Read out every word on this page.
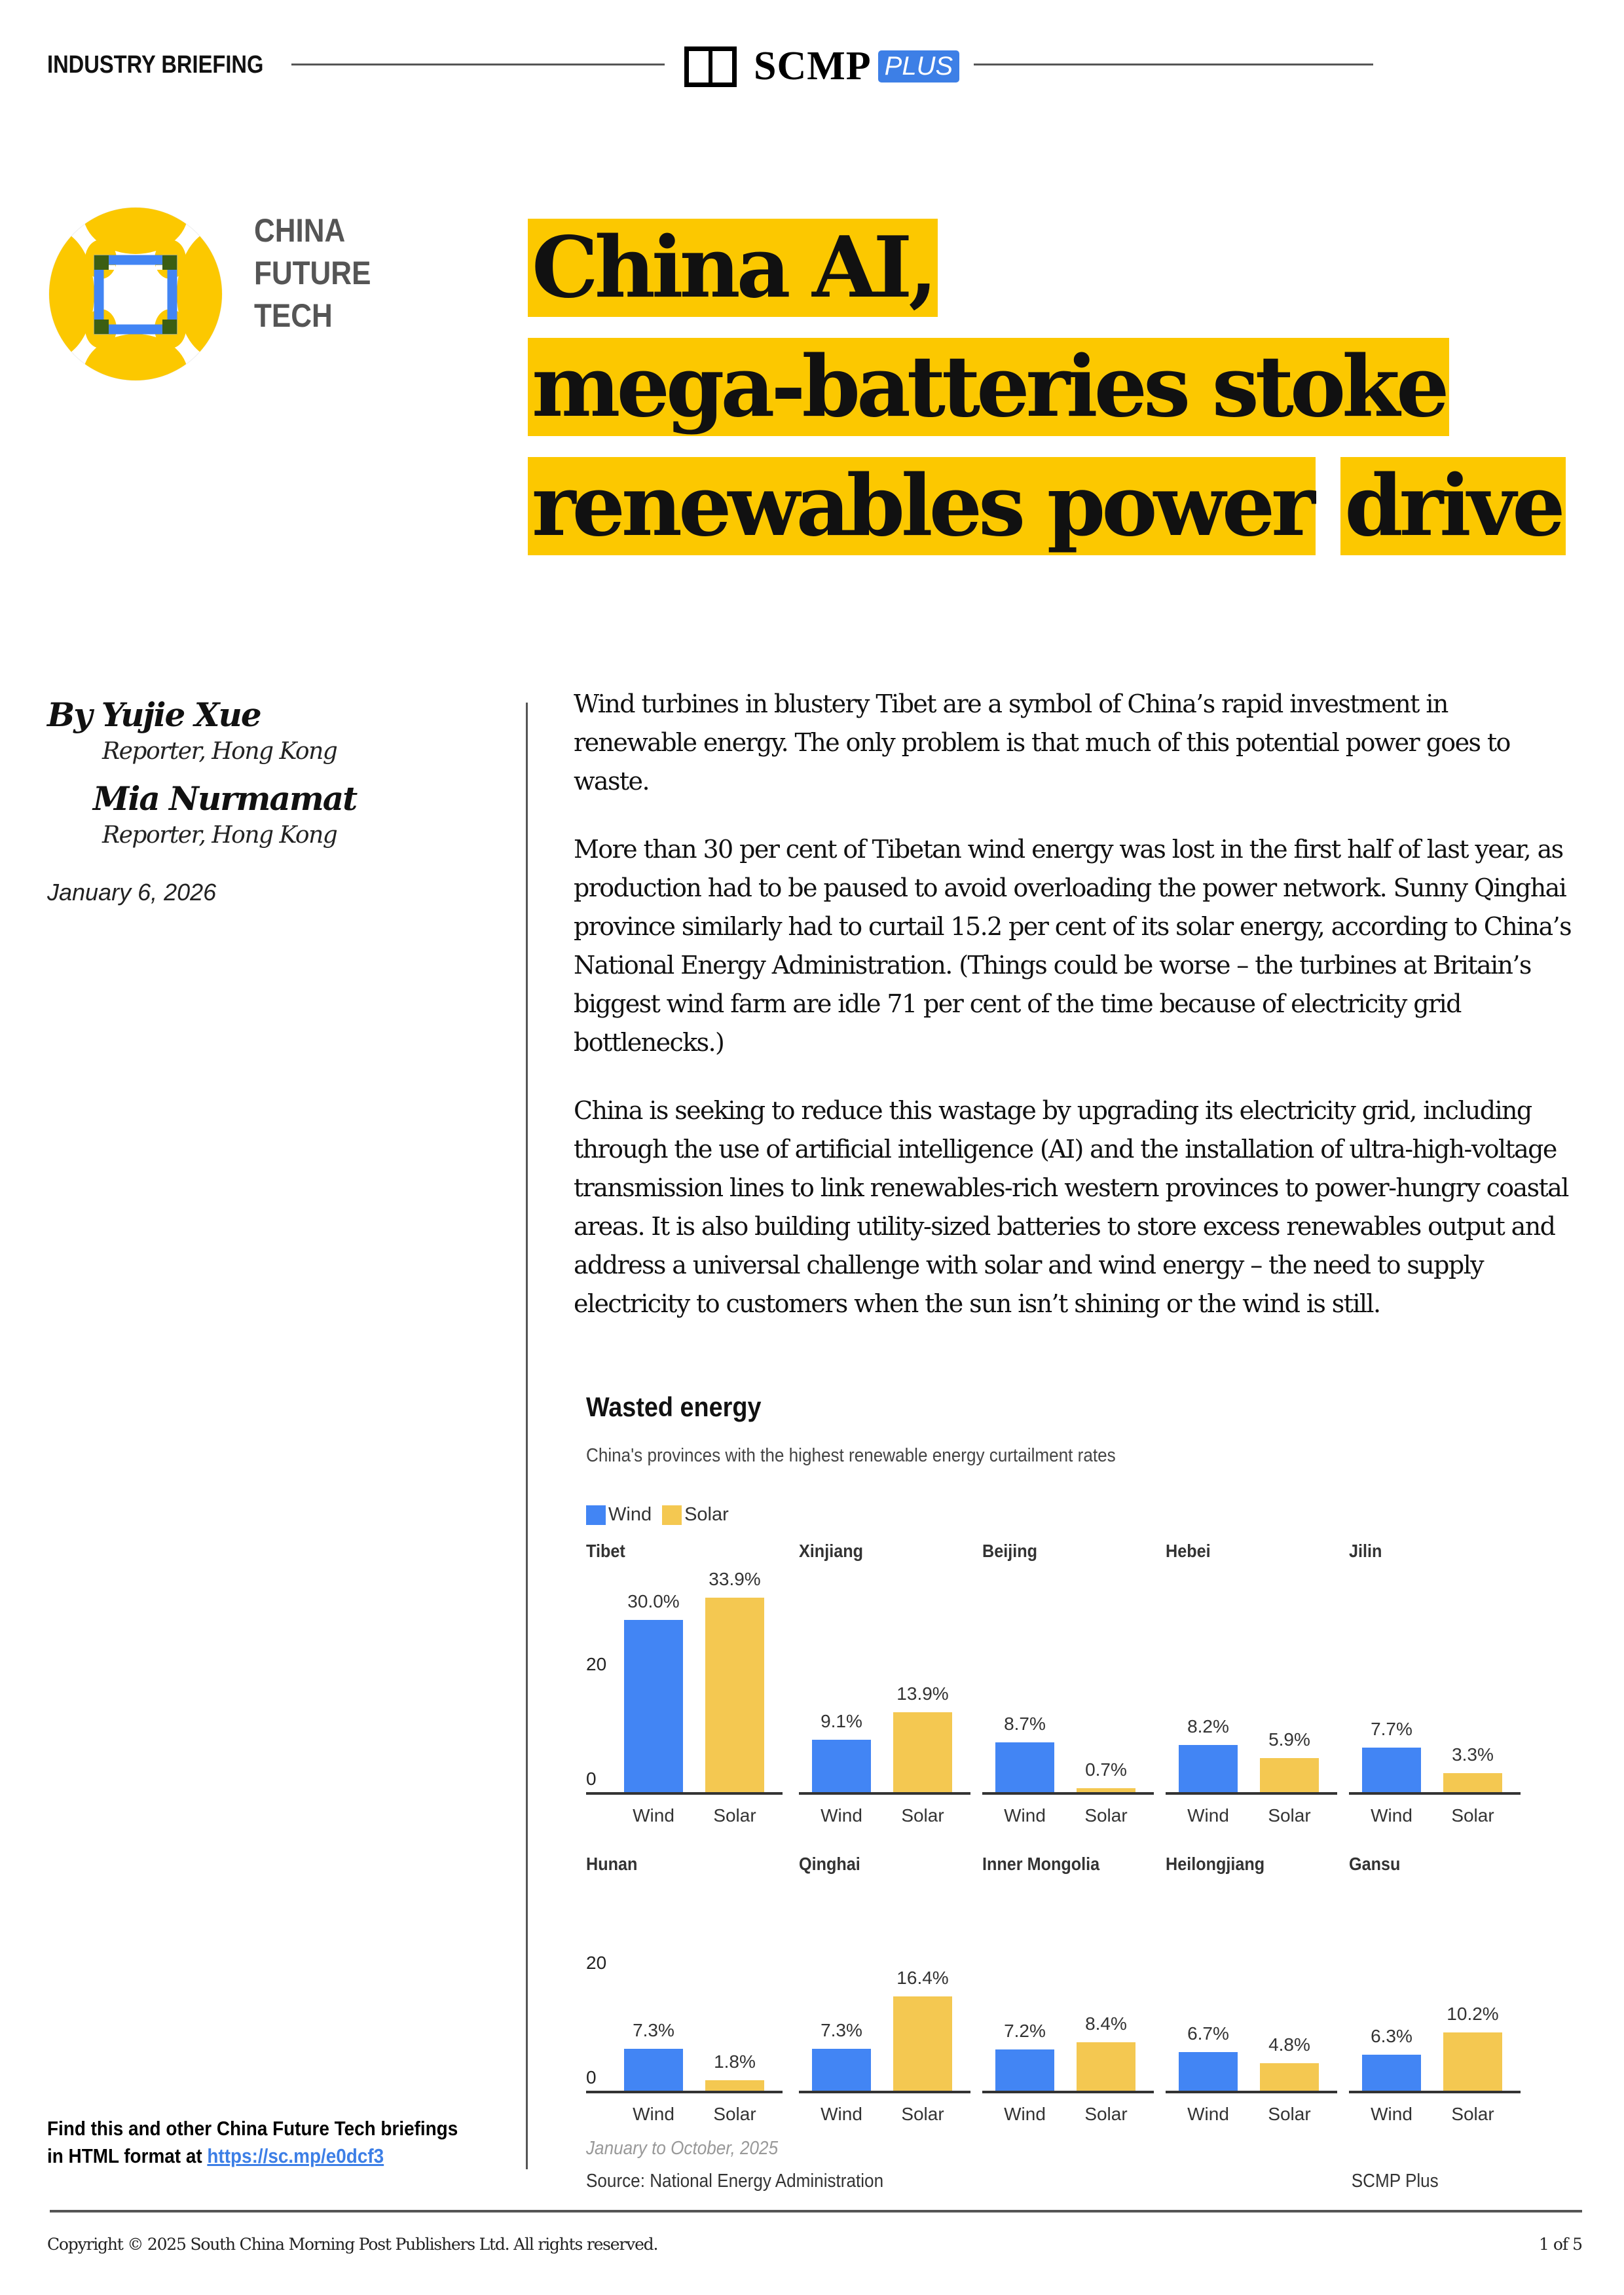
INDUSTRY BRIEFING	SCMP PLUS
CHINA
FUTURE
TECH	China AI,
mega-batteries stoke
renewables power drive
By Yujie Xue
Reporter, Hong Kong
Mia Nurmamat
Reporter, Hong Kong
January 6, 2026

Wind turbines in blustery Tibet are a symbol of China’s rapid investment in renewable energy. The only problem is that much of this potential power goes to waste.

More than 30 per cent of Tibetan wind energy was lost in the first half of last year, as production had to be paused to avoid overloading the power network. Sunny Qinghai province similarly had to curtail 15.2 per cent of its solar energy, according to China’s National Energy Administration. (Things could be worse – the turbines at Britain’s biggest wind farm are idle 71 per cent of the time because of electricity grid bottlenecks.)

China is seeking to reduce this wastage by upgrading its electricity grid, including through the use of artificial intelligence (AI) and the installation of ultra-high-voltage transmission lines to link renewables-rich western provinces to power-hungry coastal areas. It is also building utility-sized batteries to store excess renewables output and address a universal challenge with solar and wind energy – the need to supply electricity to customers when the sun isn’t shining or the wind is still.

Wasted energy
China's provinces with the highest renewable energy curtailment rates
Wind Solar
Tibet
0
20
30.0%
Wind
33.9%
Solar
Xinjiang
9.1%
Wind
13.9%
Solar
Beijing
8.7%
Wind
0.7%
Solar
Hebei
8.2%
Wind
5.9%
Solar
Jilin
7.7%
Wind
3.3%
Solar
Hunan
0
20
7.3%
Wind
1.8%
Solar
Qinghai
7.3%
Wind
16.4%
Solar
Inner Mongolia
7.2%
Wind
8.4%
Solar
Heilongjiang
6.7%
Wind
4.8%
Solar
Gansu
6.3%
Wind
10.2%
Solar
January to October, 2025
Source: National Energy Administration	SCMP Plus
Find this and other China Future Tech briefings
in HTML format at https://sc.mp/e0dcf3
Copyright © 2025 South China Morning Post Publishers Ltd. All rights reserved.	1 of 5
